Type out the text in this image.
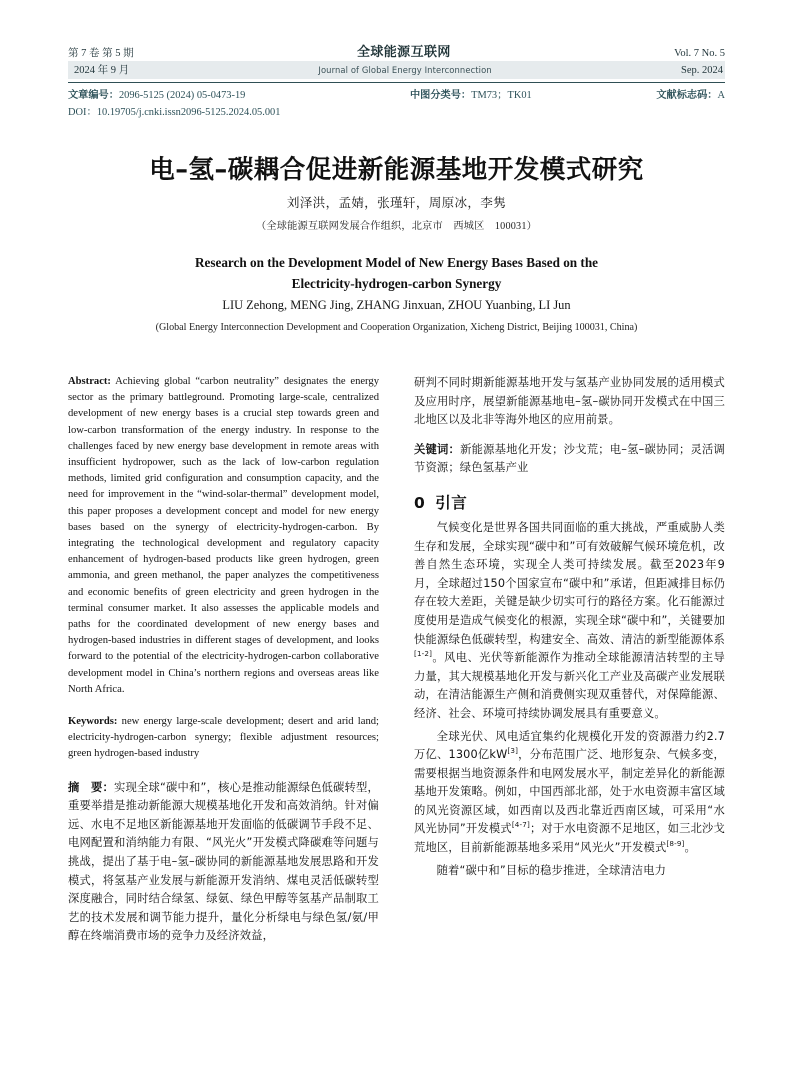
第 7 卷 第 5 期	全球能源互联网	Vol. 7 No. 5
2024 年 9 月	Journal of Global Energy Interconnection	Sep. 2024
文章编号：2096-5125 (2024) 05-0473-19	中图分类号：TM73；TK01	文献标志码：A
DOI：10.19705/j.cnki.issn2096-5125.2024.05.001
电–氢–碳耦合促进新能源基地开发模式研究
刘泽洪，孟婧，张瑾轩，周原冰，李隽
（全球能源互联网发展合作组织，北京市　西城区　100031）
Research on the Development Model of New Energy Bases Based on the
Electricity-hydrogen-carbon Synergy
LIU Zehong, MENG Jing, ZHANG Jinxuan, ZHOU Yuanbing, LI Jun
(Global Energy Interconnection Development and Cooperation Organization, Xicheng District, Beijing 100031, China)

Abstract: Achieving global “carbon neutrality” designates the energy sector as the primary battleground. Promoting large-scale, centralized development of new energy bases is a crucial step towards green and low-carbon transformation of the energy industry. In response to the challenges faced by new energy base development in remote areas with insufficient hydropower, such as the lack of low-carbon regulation methods, limited grid configuration and consumption capacity, and the need for improvement in the “wind-solar-thermal” development model, this paper proposes a development concept and model for new energy bases based on the synergy of electricity-hydrogen-carbon. By integrating the technological development and regulatory capacity enhancement of hydrogen-based products like green hydrogen, green ammonia, and green methanol, the paper analyzes the competitiveness and economic benefits of green electricity and green hydrogen in the terminal consumer market. It also assesses the applicable models and paths for the coordinated development of new energy bases and hydrogen-based industries in different stages of development, and looks forward to the potential of the electricity-hydrogen-carbon collaborative development model in China’s northern regions and overseas areas like North Africa.

Keywords: new energy large-scale development; desert and arid land; electricity-hydrogen-carbon synergy; flexible adjustment resources; green hydrogen-based industry

摘　要：实现全球“碳中和”，核心是推动能源绿色低碳转型，重要举措是推动新能源大规模基地化开发和高效消纳。针对偏远、水电不足地区新能源基地开发面临的低碳调节手段不足、电网配置和消纳能力有限、“风光火”开发模式降碳难等问题与挑战，提出了基于电–氢–碳协同的新能源基地发展思路和开发模式，将氢基产业发展与新能源开发消纳、煤电灵活低碳转型深度融合，同时结合绿氢、绿氨、绿色甲醇等氢基产品制取工艺的技术发展和调节能力提升，量化分析绿电与绿色氢/氨/甲醇在终端消费市场的竞争力及经济效益，

研判不同时期新能源基地开发与氢基产业协同发展的适用模式及应用时序，展望新能源基地电–氢–碳协同开发模式在中国三北地区以及北非等海外地区的应用前景。

关键词：新能源基地化开发；沙戈荒；电–氢–碳协同；灵活调节资源；绿色氢基产业

0 引言

气候变化是世界各国共同面临的重大挑战，严重威胁人类生存和发展，全球实现“碳中和”可有效破解气候环境危机，改善自然生态环境，实现全人类可持续发展。截至2023年9月，全球超过150个国家宣布“碳中和”承诺，但距减排目标仍存在较大差距，关键是缺少切实可行的路径方案。化石能源过度使用是造成气候变化的根源，实现全球“碳中和”，关键要加快能源绿色低碳转型，构建安全、高效、清洁的新型能源体系[1-2]。风电、光伏等新能源作为推动全球能源清洁转型的主导力量，其大规模基地化开发与新兴化工产业及高碳产业发展联动，在清洁能源生产侧和消费侧实现双重替代，对保障能源、经济、社会、环境可持续协调发展具有重要意义。

全球光伏、风电适宜集约化规模化开发的资源潜力约2.7万亿、1300亿kW[3]，分布范围广泛、地形复杂、气候多变，需要根据当地资源条件和电网发展水平，制定差异化的新能源基地开发策略。例如，中国西部北部，处于水电资源丰富区域的风光资源区域，如西南以及西北靠近西南区域，可采用“水风光协同”开发模式[4-7]；对于水电资源不足地区，如三北沙戈荒地区，目前新能源基地多采用“风光火”开发模式[8-9]。

随着“碳中和”目标的稳步推进，全球清洁电力
